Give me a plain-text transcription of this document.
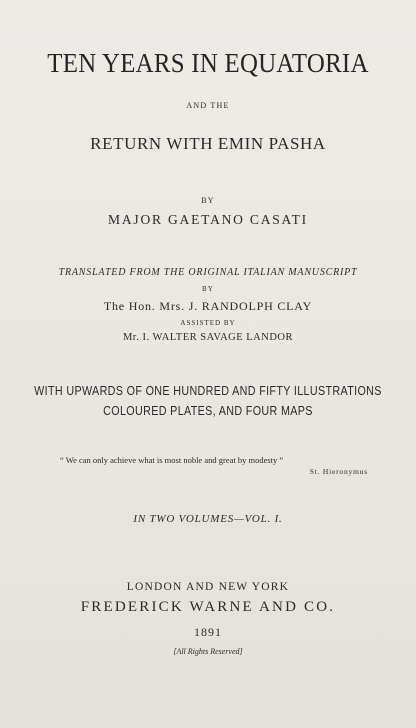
TEN YEARS IN EQUATORIA
AND THE
RETURN WITH EMIN PASHA
BY
MAJOR GAETANO CASATI
TRANSLATED FROM THE ORIGINAL ITALIAN MANUSCRIPT
BY
The Hon. Mrs. J. RANDOLPH CLAY
ASSISTED BY
Mr. I. WALTER SAVAGE LANDOR
WITH UPWARDS OF ONE HUNDRED AND FIFTY ILLUSTRATIONS
COLOURED PLATES, AND FOUR MAPS
“ We can only achieve what is most noble and great by modesty ”
St. Hieronymus
IN TWO VOLUMES—VOL. I.
LONDON AND NEW YORK
FREDERICK WARNE AND CO.
1891
[All Rights Reserved]
